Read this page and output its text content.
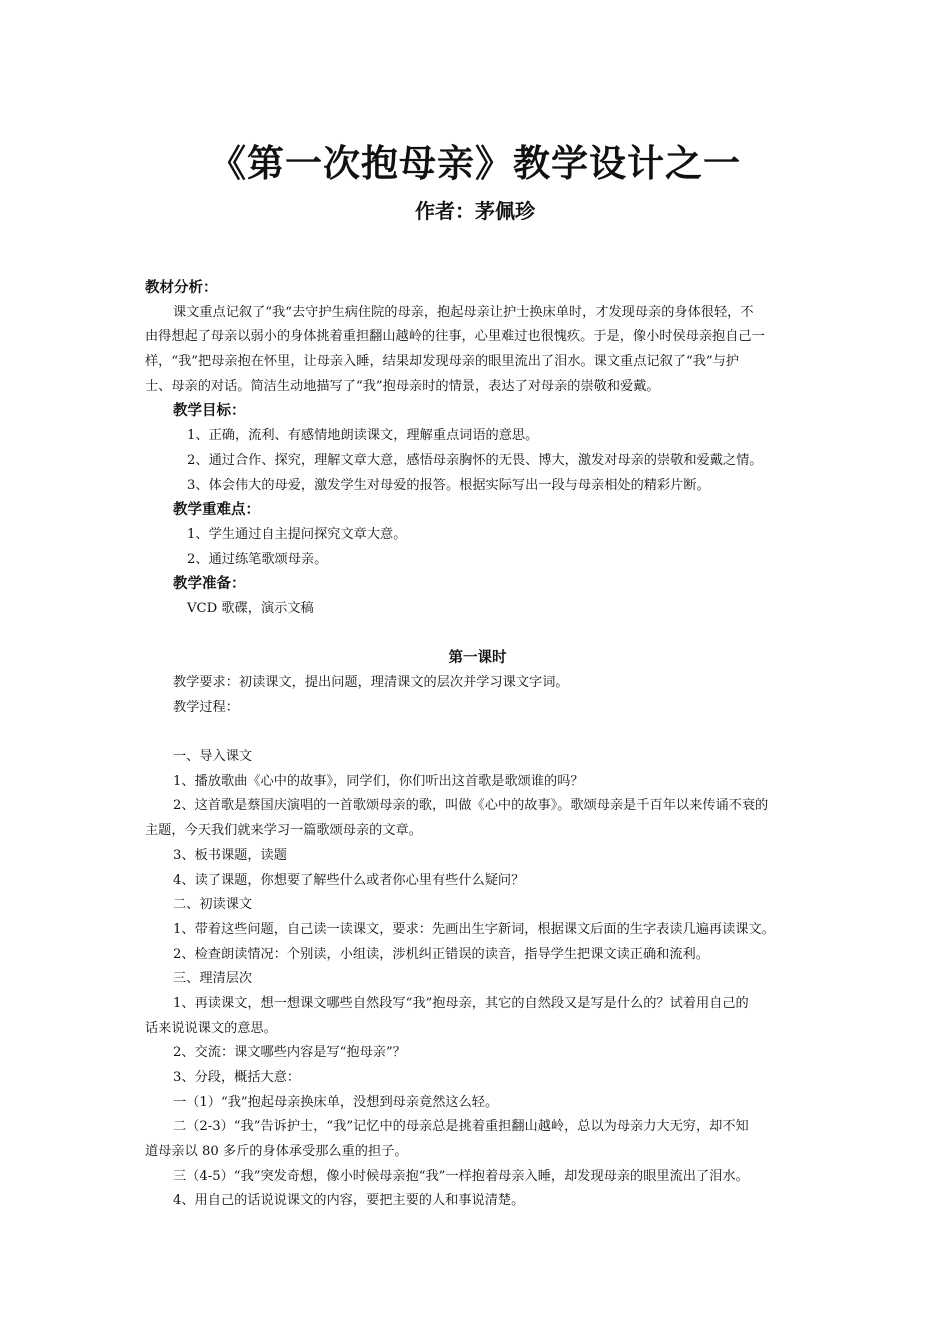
《第一次抱母亲》教学设计之一
作者：茅佩珍
教材分析：
课文重点记叙了“我“去守护生病住院的母亲，抱起母亲让护士换床单时，才发现母亲的身体很轻，不
由得想起了母亲以弱小的身体挑着重担翻山越岭的往事，心里难过也很愧疚。于是，像小时侯母亲抱自己一
样，“我”把母亲抱在怀里，让母亲入睡，结果却发现母亲的眼里流出了泪水。课文重点记叙了“我”与护
士、母亲的对话。简洁生动地描写了“我”抱母亲时的情景，表达了对母亲的崇敬和爱戴。
教学目标：
1、正确，流利、有感情地朗读课文，理解重点词语的意思。
2、通过合作、探究，理解文章大意，感悟母亲胸怀的无畏、博大，激发对母亲的崇敬和爱戴之情。
3、体会伟大的母爱，激发学生对母爱的报答。根据实际写出一段与母亲相处的精彩片断。
教学重难点：
1、学生通过自主提问探究文章大意。
2、通过练笔歌颂母亲。
教学准备：
VCD 歌碟，演示文稿
第一课时
教学要求：初读课文，提出问题，理清课文的层次并学习课文字词。
教学过程：
一、导入课文
1、播放歌曲《心中的故事》，同学们，你们听出这首歌是歌颂谁的吗？
2、这首歌是蔡国庆演唱的一首歌颂母亲的歌，叫做《心中的故事》。歌颂母亲是千百年以来传诵不衰的
主题，今天我们就来学习一篇歌颂母亲的文章。
3、板书课题，读题
4、读了课题，你想要了解些什么或者你心里有些什么疑问？
二、初读课文
1、带着这些问题，自己读一读课文，要求：先画出生字新词，根据课文后面的生字表读几遍再读课文。
2、检查朗读情况：个别读，小组读，涉机纠正错误的读音，指导学生把课文读正确和流利。
三、理清层次
1、再读课文，想一想课文哪些自然段写“我”抱母亲，其它的自然段又是写是什么的？试着用自己的
话来说说课文的意思。
2、交流：课文哪些内容是写“抱母亲”？
3、分段，概括大意：
一（1）“我”抱起母亲换床单，没想到母亲竟然这么轻。
二（2-3）“我”告诉护士，“我”记忆中的母亲总是挑着重担翻山越岭，总以为母亲力大无穷，却不知
道母亲以 80 多斤的身体承受那么重的担子。
三（4-5）“我”突发奇想，像小时候母亲抱“我”一样抱着母亲入睡，却发现母亲的眼里流出了泪水。
4、用自己的话说说课文的内容，要把主要的人和事说清楚。
